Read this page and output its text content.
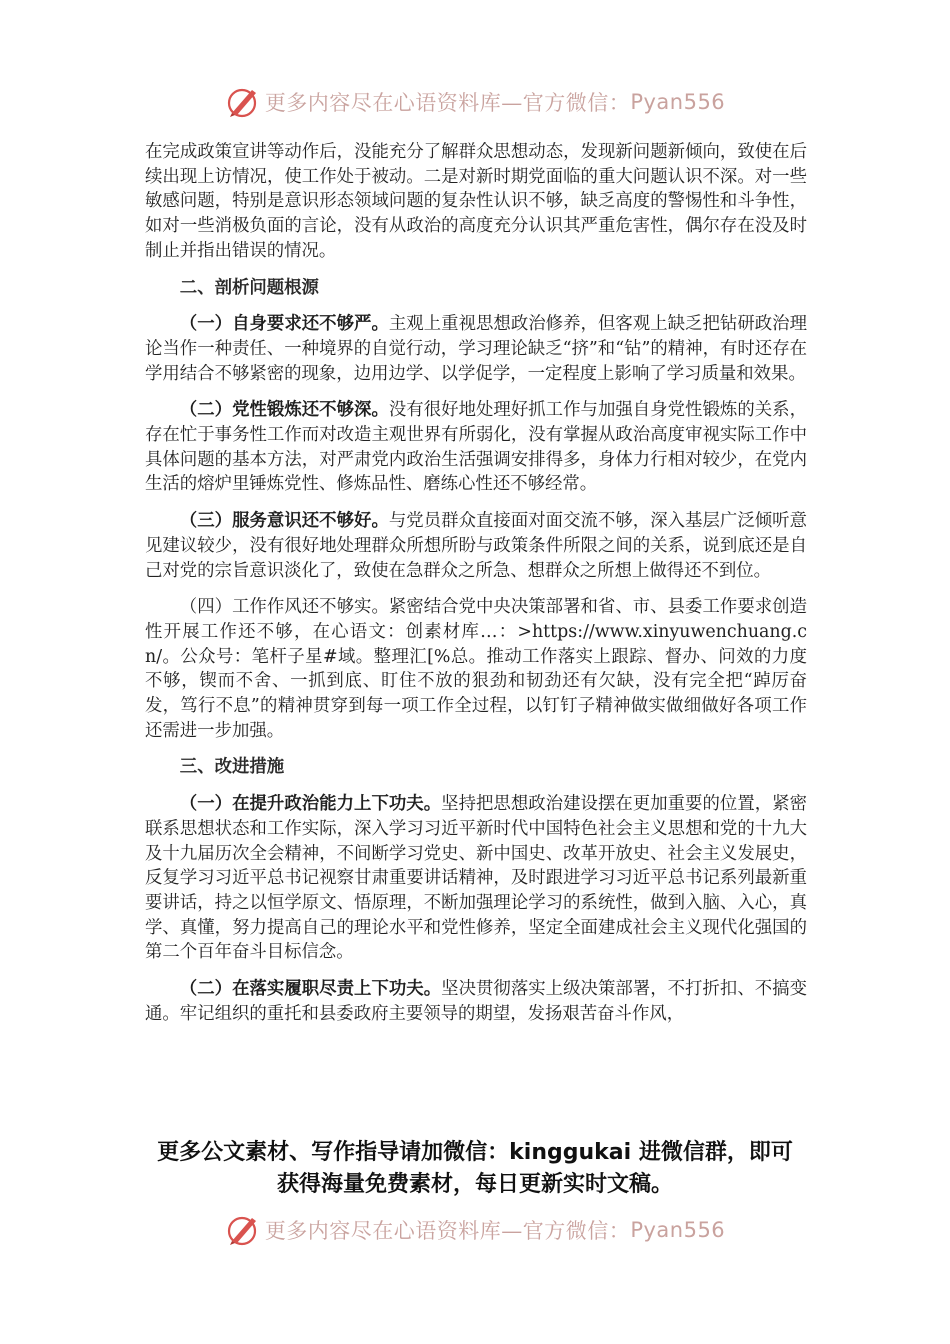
更多内容尽在心语资料库—官方微信： Pyan556

在完成政策宣讲等动作后，没能充分了解群众思想动态，发现新问题新倾向，致使在后续出现上访情况，使工作处于被动。二是对新时期党面临的重大问题认识不深。对一些敏感问题，特别是意识形态领域问题的复杂性认识不够，缺乏高度的警惕性和斗争性，如对一些消极负面的言论，没有从政治的高度充分认识其严重危害性，偶尔存在没及时制止并指出错误的情况。

二、剖析问题根源

（一）自身要求还不够严。主观上重视思想政治修养，但客观上缺乏把钻研政治理论当作一种责任、一种境界的自觉行动，学习理论缺乏“挤”和“钻”的精神，有时还存在学用结合不够紧密的现象，边用边学、以学促学，一定程度上影响了学习质量和效果。

（二）党性锻炼还不够深。没有很好地处理好抓工作与加强自身党性锻炼的关系，存在忙于事务性工作而对改造主观世界有所弱化，没有掌握从政治高度审视实际工作中具体问题的基本方法，对严肃党内政治生活强调安排得多，身体力行相对较少，在党内生活的熔炉里锤炼党性、修炼品性、磨练心性还不够经常。

（三）服务意识还不够好。与党员群众直接面对面交流不够，深入基层广泛倾听意见建议较少，没有很好地处理群众所想所盼与政策条件所限之间的关系，说到底还是自己对党的宗旨意识淡化了，致使在急群众之所急、想群众之所想上做得还不到位。

（四）工作作风还不够实。紧密结合党中央决策部署和省、市、县委工作要求创造性开展工作还不够，在心语文：创素材库…：>https://www.xinyuwenchuang.cn/。公众号：笔杆子星#域。整理汇[%总。推动工作落实上跟踪、督办、问效的力度不够，锲而不舍、一抓到底、盯住不放的狠劲和韧劲还有欠缺，没有完全把“踔厉奋发，笃行不息”的精神贯穿到每一项工作全过程，以钉钉子精神做实做细做好各项工作还需进一步加强。

三、改进措施

（一）在提升政治能力上下功夫。坚持把思想政治建设摆在更加重要的位置，紧密联系思想状态和工作实际，深入学习习近平新时代中国特色社会主义思想和党的十九大及十九届历次全会精神，不间断学习党史、新中国史、改革开放史、社会主义发展史，反复学习习近平总书记视察甘肃重要讲话精神，及时跟进学习习近平总书记系列最新重要讲话，持之以恒学原文、悟原理，不断加强理论学习的系统性，做到入脑、入心，真学、真懂，努力提高自己的理论水平和党性修养，坚定全面建成社会主义现代化强国的第二个百年奋斗目标信念。

（二）在落实履职尽责上下功夫。坚决贯彻落实上级决策部署，不打折扣、不搞变通。牢记组织的重托和县委政府主要领导的期望，发扬艰苦奋斗作风，

更多公文素材、写作指导请加微信：kinggukai 进微信群，即可
获得海量免费素材，每日更新实时文稿。
更多内容尽在心语资料库—官方微信： Pyan556
